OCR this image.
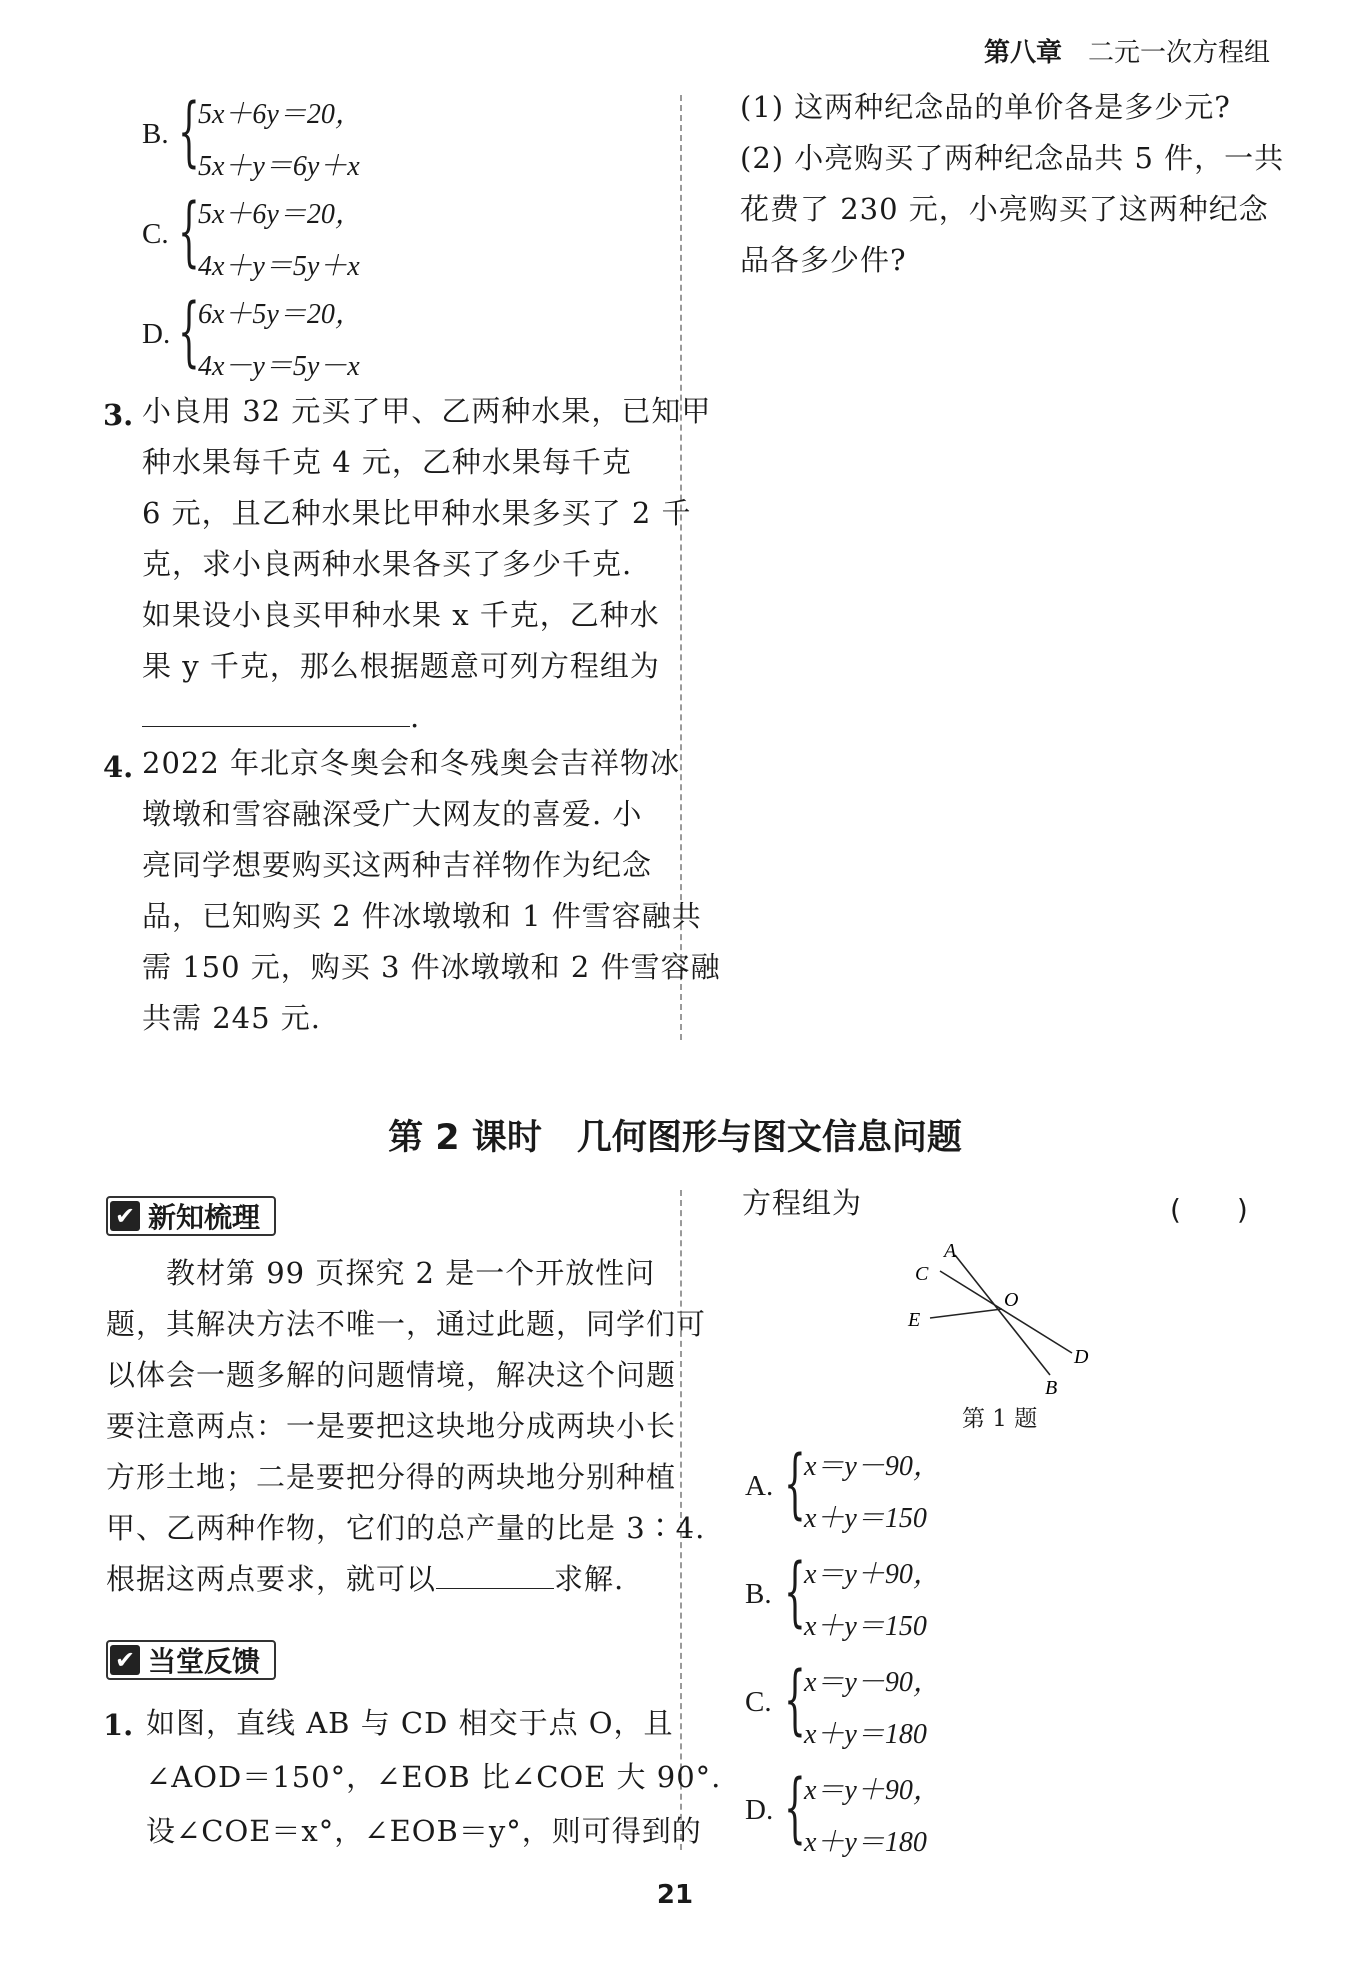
第八章 二元一次方程组
B. {
5x＋6y＝20，
5x＋y＝6y＋x
C. {
5x＋6y＝20，
4x＋y＝5y＋x
D. {
6x＋5y＝20，
4x－y＝5y－x
3. 小良用 32 元买了甲、乙两种水果，已知甲
种水果每千克 4 元，乙种水果每千克
6 元，且乙种水果比甲种水果多买了 2 千
克，求小良两种水果各买了多少千克.
如果设小良买甲种水果 x 千克，乙种水
果 y 千克，那么根据题意可列方程组为
.
4. 2022 年北京冬奥会和冬残奥会吉祥物冰
墩墩和雪容融深受广大网友的喜爱. 小
亮同学想要购买这两种吉祥物作为纪念
品，已知购买 2 件冰墩墩和 1 件雪容融共
需 150 元，购买 3 件冰墩墩和 2 件雪容融
共需 245 元.
(1) 这两种纪念品的单价各是多少元?
(2) 小亮购买了两种纪念品共 5 件，一共
花费了 230 元，小亮购买了这两种纪念
品各多少件?
第 2 课时　几何图形与图文信息问题
✔ 新知梳理
教材第 99 页探究 2 是一个开放性问
题，其解决方法不唯一，通过此题，同学们可
以体会一题多解的问题情境，解决这个问题
要注意两点：一是要把这块地分成两块小长
方形土地；二是要把分得的两块地分别种植
甲、乙两种作物，它们的总产量的比是 3∶4.
根据这两点要求，就可以	求解.
✔ 当堂反馈
1. 如图，直线 AB 与 CD 相交于点 O，且
∠AOD＝150°，∠EOB 比∠COE 大 90°.
设∠COE＝x°，∠EOB＝y°，则可得到的
方程组为	(　　)
A
C
O
E
D
B
第 1 题
A. {
x＝y－90，
x＋y＝150
B. {
x＝y＋90，
x＋y＝150
C. {
x＝y－90，
x＋y＝180
D. {
x＝y＋90，
x＋y＝180
21
